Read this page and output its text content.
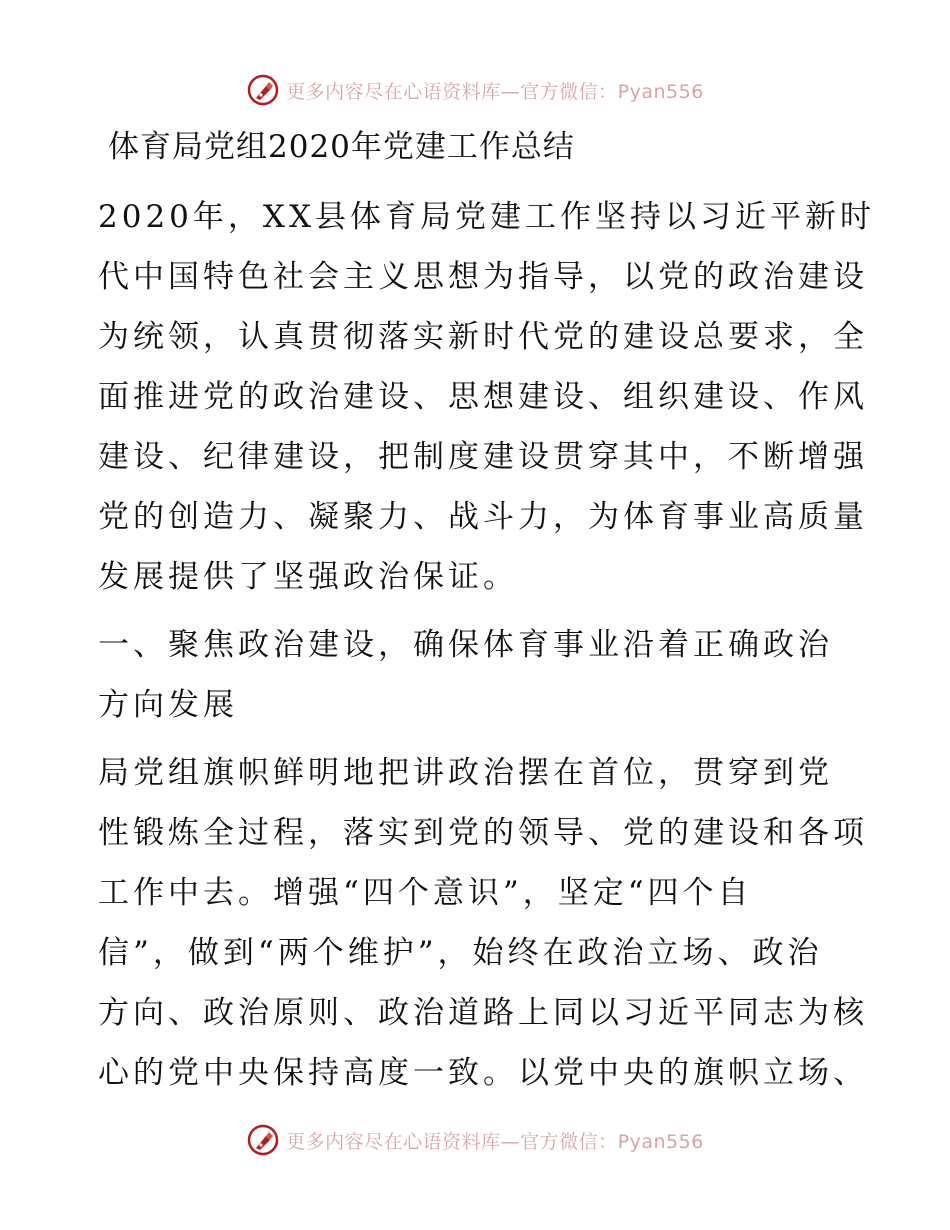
更多内容尽在心语资料库—官方微信：Pyan556
体育局党组2020年党建工作总结
2020年，XX县体育局党建工作坚持以习近平新时
代中国特色社会主义思想为指导，以党的政治建设
为统领，认真贯彻落实新时代党的建设总要求，全
面推进党的政治建设、思想建设、组织建设、作风
建设、纪律建设，把制度建设贯穿其中，不断增强
党的创造力、凝聚力、战斗力，为体育事业高质量
发展提供了坚强政治保证。
一、聚焦政治建设，确保体育事业沿着正确政治
方向发展
局党组旗帜鲜明地把讲政治摆在首位，贯穿到党
性锻炼全过程，落实到党的领导、党的建设和各项
工作中去。增强“四个意识”，坚定“四个自
信”，做到“两个维护”，始终在政治立场、政治
方向、政治原则、政治道路上同以习近平同志为核
心的党中央保持高度一致。以党中央的旗帜立场、
更多内容尽在心语资料库—官方微信：Pyan556
